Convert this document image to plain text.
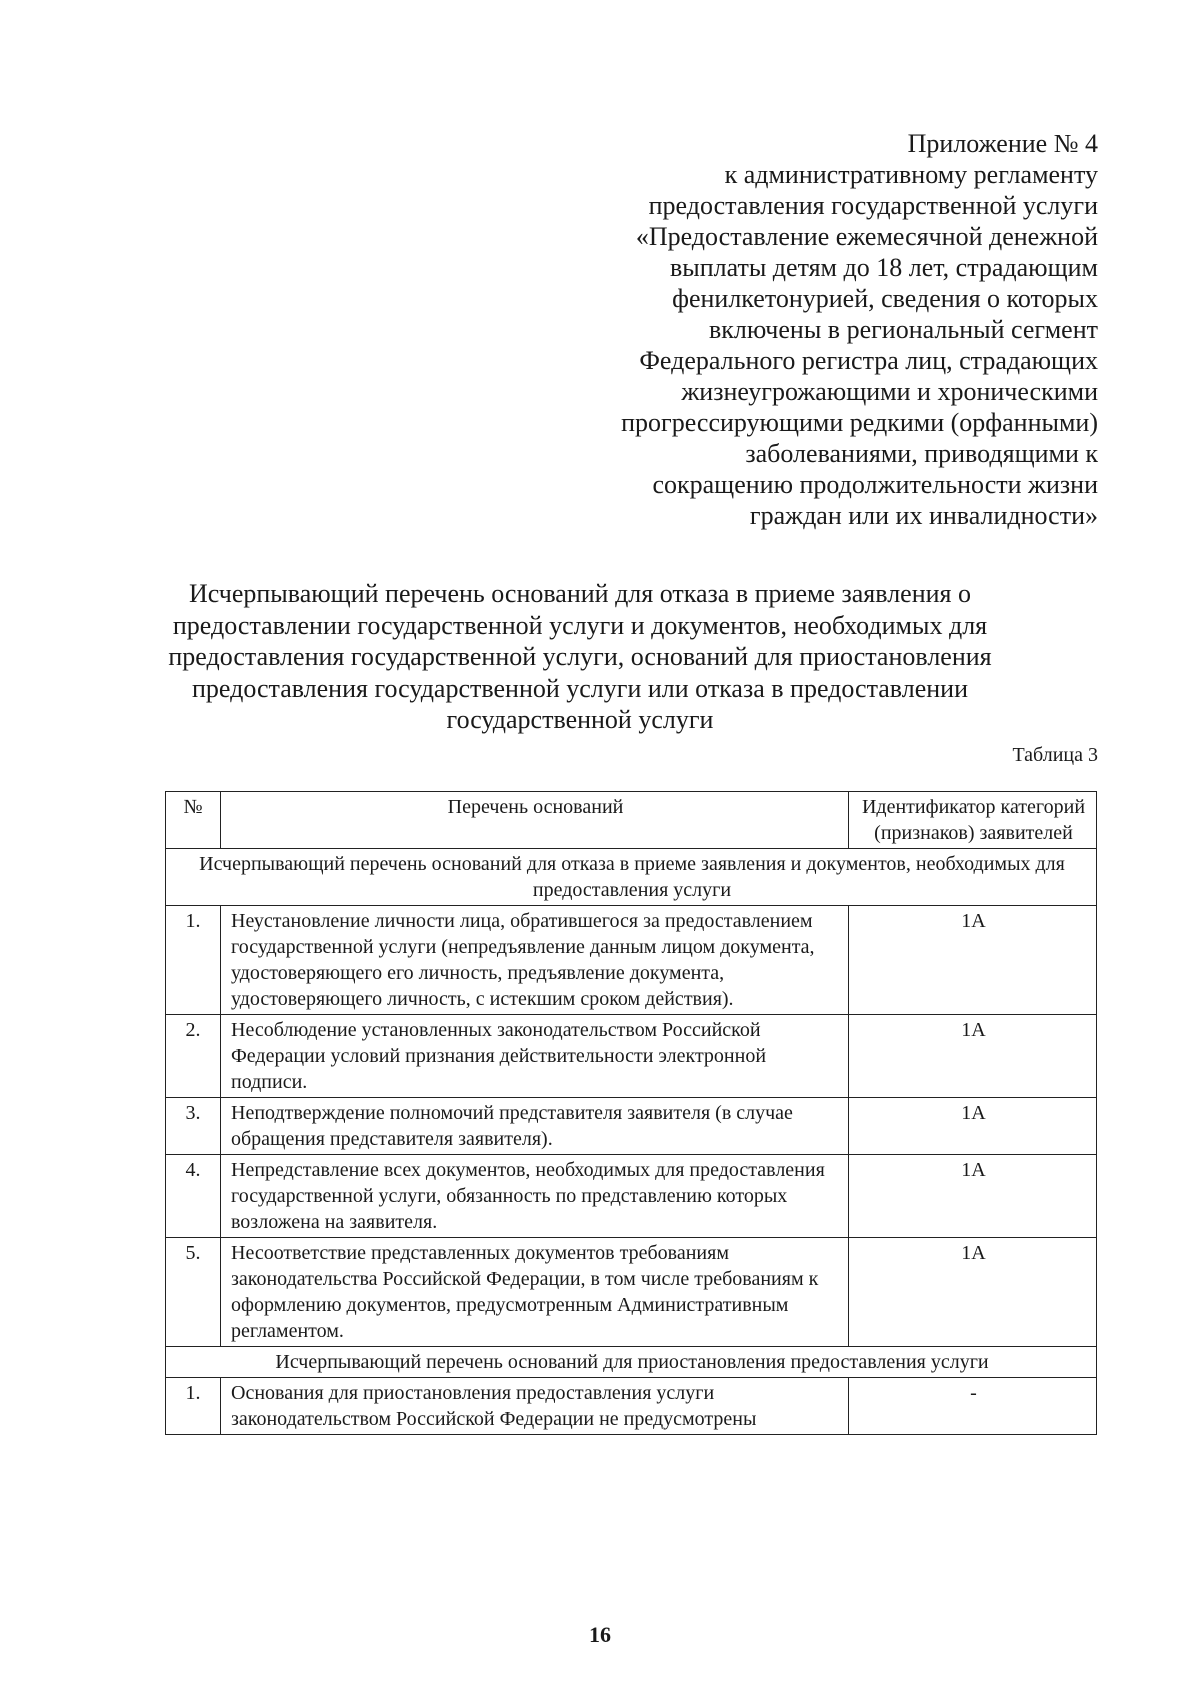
Приложение № 4
к административному регламенту
предоставления государственной услуги
«Предоставление ежемесячной денежной
выплаты детям до 18 лет, страдающим
фенилкетонурией, сведения о которых
включены в региональный сегмент
Федерального регистра лиц, страдающих
жизнеугрожающими и хроническими
прогрессирующими редкими (орфанными)
заболеваниями, приводящими к
сокращению продолжительности жизни
граждан или их инвалидности»
Исчерпывающий перечень оснований для отказа в приеме заявления о
предоставлении государственной услуги и документов, необходимых для
предоставления государственной услуги, оснований для приостановления
предоставления государственной услуги или отказа в предоставлении
государственной услуги
Таблица 3
№	Перечень оснований	Идентификатор категорий (признаков) заявителей
Исчерпывающий перечень оснований для отказа в приеме заявления и документов, необходимых для предоставления услуги		
1.	Неустановление личности лица, обратившегося за предоставлением государственной услуги (непредъявление данным лицом документа, удостоверяющего его личность, предъявление документа, удостоверяющего личность, с истекшим сроком действия).	1А
2.	Несоблюдение установленных законодательством Российской Федерации условий признания действительности электронной подписи.	1А
3.	Неподтверждение полномочий представителя заявителя (в случае обращения представителя заявителя).	1А
4.	Непредставление всех документов, необходимых для предоставления государственной услуги, обязанность по представлению которых возложена на заявителя.	1А
5.	Несоответствие представленных документов требованиям законодательства Российской Федерации, в том числе требованиям к оформлению документов, предусмотренным Административным регламентом.	1А
Исчерпывающий перечень оснований для приостановления предоставления услуги		
1.	Основания для приостановления предоставления услуги законодательством Российской Федерации не предусмотрены	-
16
